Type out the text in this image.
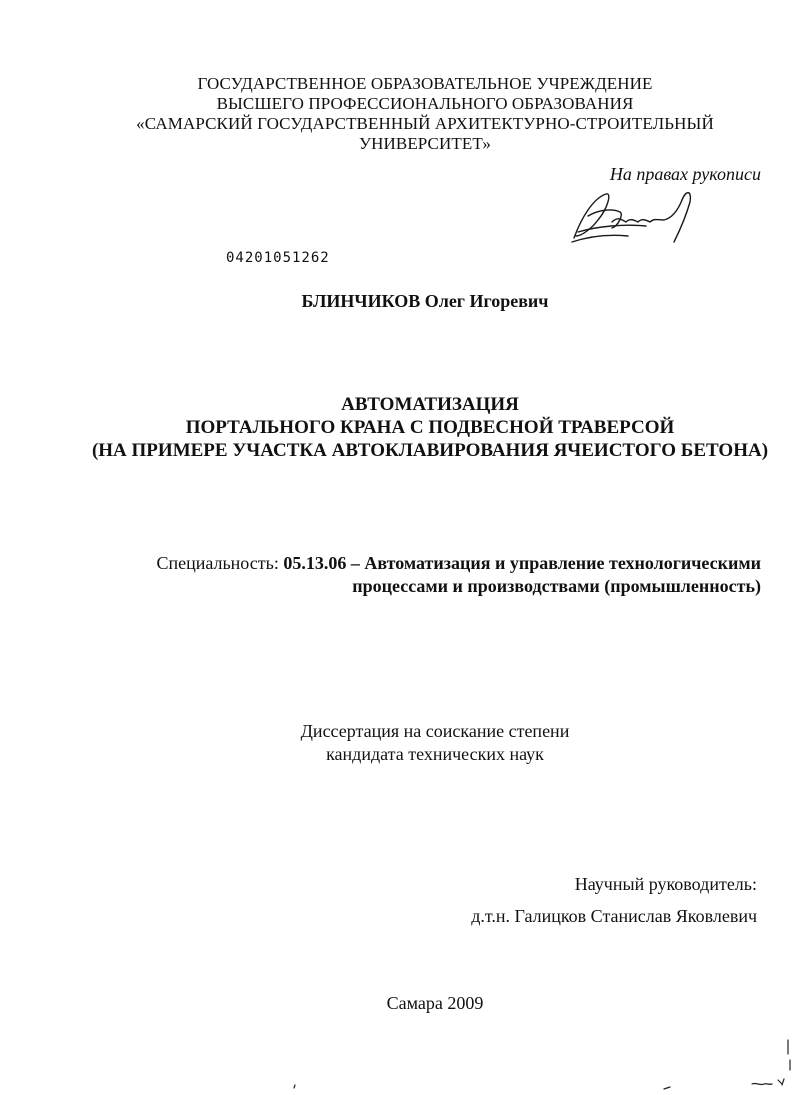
ГОСУДАРСТВЕННОЕ ОБРАЗОВАТЕЛЬНОЕ УЧРЕЖДЕНИЕ
ВЫСШЕГО ПРОФЕССИОНАЛЬНОГО ОБРАЗОВАНИЯ
«САМАРСКИЙ ГОСУДАРСТВЕННЫЙ АРХИТЕКТУРНО-СТРОИТЕЛЬНЫЙ
УНИВЕРСИТЕТ»
На правах рукописи
04201051262
БЛИНЧИКОВ Олег Игоревич
АВТОМАТИЗАЦИЯ
ПОРТАЛЬНОГО КРАНА С ПОДВЕСНОЙ ТРАВЕРСОЙ
(НА ПРИМЕРЕ УЧАСТКА АВТОКЛАВИРОВАНИЯ ЯЧЕИСТОГО БЕТОНА)
Специальность: 05.13.06 – Автоматизация и управление технологическими
процессами и производствами (промышленность)
Диссертация на соискание степени
кандидата технических наук
Научный руководитель:
д.т.н. Галицков Станислав Яковлевич
Самара 2009
